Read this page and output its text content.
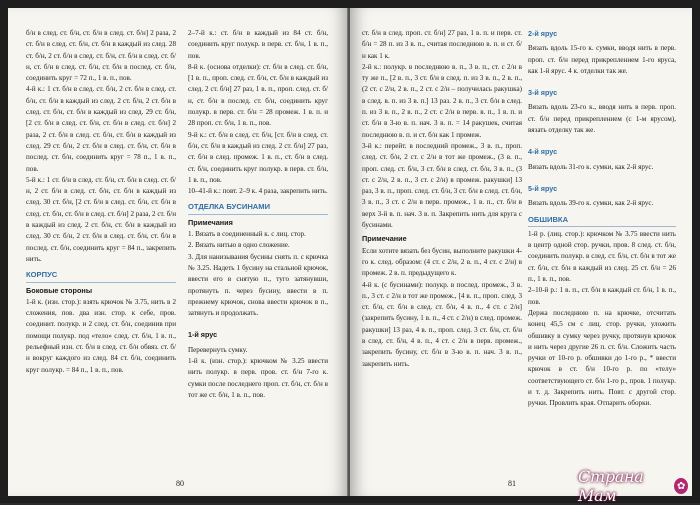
б/н в след. ст. б/н, ст. б/н в след. ст. б/н] 2 раза, 2 ст. б/н в след. ст. б/н, ст. б/н в каждый из след. 28 ст. б/н, 2 ст. б/н в след. ст. б/н, ст. б/н в след. ст. б/н, ст. б/н в след. ст. б/н, ст. б/н в послед. ст. б/н, соединить круг = 72 п., 1 в. п., пов.

4-й к.: 1 ст. б/н в след. ст. б/н, 2 ст. б/н в след. ст. б/н, ст. б/н в каждый из след. 2 ст. б/н, 2 ст. б/н в след. ст. б/н, ст. б/н в каждый из след. 29 ст. б/н, [2 ст. б/н в след. ст. б/н, ст. б/н в след. ст. б/н] 2 раза, 2 ст. б/н в след. ст. б/н, ст. б/н в каждый из след. 29 ст. б/н, 2 ст. б/н в след. ст. б/н, ст. б/н в послед. ст. б/н, соединить круг = 78 п., 1 в. п., пов.

5-й к.: 1 ст. б/н в след. ст. б/н, ст. б/н в след. ст. б/н, 2 ст. б/н в след. ст. б/н, ст. б/н в каждый из след. 30 ст. б/н, [2 ст. б/н в след. ст. б/н, ст. б/н в след. ст. б/н, ст. б/н в след. ст. б/н] 2 раза, 2 ст. б/н в каждый из след. 2 ст. б/н, ст. б/н в каждый из след. 30 ст. б/н, 2 ст. б/н в след. ст. б/н, ст. б/н в послед. ст. б/н, соединить круг = 84 п., закрепить нить.

КОРПУС
Боковые стороны

1-й к. (изн. стор.): взять крючок № 3.75, нить в 2 сложения, пов. два изн. стор. к себе, пров. соединит. полукр. и 2 след. ст. б/н, соединив при помощи полукр. под «тело» след. ст. б/н, 1 в. п., рельефный изн. ст. б/н в след. ст. б/н обвяз. ст. б/н вокруг каждого из след. 84 ст. б/н, соединить круг полукр. = 84 п., 1 в. п., пов.

2–7-й к.: ст. б/н в каждый из 84 ст. б/н, соединить круг полукр. в перв. ст. б/н, 1 в. п., пов.

8-й к. (основа отделки): ст. б/н в след. ст. б/н, [1 в. п., проп. след. ст. б/н, ст. б/н в каждый из след. 2 ст. б/н] 27 раз, 1 в. п., проп. след. ст. б/н, ст. б/н в послед. ст. б/н, соединить круг полукр. в перв. ст. б/н = 28 промеж. 1 в. п. и 28 проп. ст. б/н, 1 в. п., пов.

9-й к.: ст. б/н в след. ст. б/н, [ст. б/н в след. ст. б/н, ст. б/н в каждый из след. 2 ст. б/н] 27 раз, ст. б/н в след. промеж. 1 в. п., ст. б/н в след. ст. б/н, соединить круг полукр. в перв. ст. б/н, 1 в. п., пов.

10–41-й к.: повт. 2–9 к. 4 раза, закрепить нить.

ОТДЕЛКА БУСИНАМИ
Примечания

1. Вязать в соединенный к. с лиц. стор.

2. Вязать нитью в одно сложение.

3. Для нанизывания бусины снять п. с крючка № 3.25. Надеть 1 бусину на стальной крючок, ввести его в снятую п., туго затянувши, протянуть п. через бусину, ввести в п. прежнему крючок, снова ввести крючок в п., затянуть и продолжать.

1-й ярус

Перевернуть сумку.

1-й к. (изн. стор.): крючком № 3.25 ввести нить полукр. в перв. пров. ст. б/н 7-го к. сумки после последнего проп. ст. б/н, ст. б/н в тот же ст. б/н, 1 в. п., пов.

80

ст. б/н в след. проп. ст. б/н] 27 раз, 1 в. п. и перв. ст. б/н = 28 п. из 3 в. п., считая последнюю в. п. и ст. б/н как 1 к.

2-й к.: полукр. в последнюю в. п., 3 в. п., ст. с 2/н в ту же п., [2 в. п., 3 ст. б/н в след. п. из 3 в. п., 2 в. п., (2 ст. с 2/н, 2 в. п., 2 ст. с 2/н – получилась ракушка) в след. в. п. из 3 в. п.] 13 раз. 2 в. п., 3 ст. б/н в след. п. из 3 в. п., 2 в. п., 2 ст. с 2/н в перв. в. п., 1 в. п. и ст. б/н в 3-ю в. п. нач. 3 в. п. = 14 ракушек, считая последнюю в. п. и ст. б/н как 1 промеж.

3-й к.: перейт. в последний промеж., 3 в. п., проп. след. ст. б/н, 2 ст. с 2/н в тот же промеж., (3 в. п., проп. след. ст. б/н, 3 ст. б/н в след. ст. б/н, 3 в. п., (3 ст. с 2/н, 2 в. п., 3 ст. с 2/н) в промеж. ракушки] 13 раз, 3 в. п., проп. след. ст. б/н, 3 ст. б/н в след. ст. б/н, 3 в. п., 3 ст. с 2/н в перв. промеж., 1 в. п., ст. б/н в верх 3-й в. п. нач. 3 в. п. Закрепить нить для круга с бусинами.

Примечание

Если хотите вязать без бусин, выполните ракушки 4-го к. след. образом: (4 ст. с 2/н, 2 в. п., 4 ст. с 2/н) в промеж. 2 в. п. предыдущего к.

4-й к. (с бусинами): полукр. в послед. промеж., 3 в. п., 3 ст. с 2/н в тот же промеж., [4 в. п., проп. след. 3 ст. б/н, ст. б/н в след. ст. б/н, 4 в. п., 4 ст. с 2/н] (закрепить бусину, 1 в. п., 4 ст. с 2/н) в след. промеж. ракушки] 13 раз, 4 в. п., проп. след. 3 ст. б/н, ст. б/н в след. ст. б/н, 4 в. п., 4 ст. с 2/н в перв. промеж., закрепить бусину, ст. б/н в 3-ю в. п. нач. 3 в. п., закрепить нить.

2-й ярус

Вязать вдоль 15-го к. сумки, вводя нить в перв. проп. ст. б/н перед прикреплением 1-го яруса, как 1-й ярус. 4 к. отделки так же.

3-й ярус

Вязать вдоль 23-го к., вводя нить в перв. проп. ст. б/н перед прикреплением (с 1-м ярусом), вязать отделку так же.

4-й ярус

Вязать вдоль 31-го к. сумки, как 2-й ярус.

5-й ярус

Вязать вдоль 39-го к. сумки, как 2-й ярус.

ОБШИВКА

1-й р. (лиц. стор.): крючком № 3.75 ввести нить в центр одной стор. ручки, пров. 8 след. ст. б/н, соединить полукр. в след. ст. б/н, ст. б/н в тот же ст. б/н, ст. б/н в каждый из след. 25 ст. б/н = 26 п., 1 в. п., пов.

2–10-й р.: 1 в. п., ст. б/н в каждый ст. б/н, 1 в. п., пов.

Держа последнюю п. на крючке, отсчитать конец 45,5 см с лиц. стор. ручки, уложить обшивку в сумку через ручку, протянув крючок и нить через другие 26 п. ст. б/н. Сложить часть ручки от 10-го р. обшивки до 1-го р., * ввести крючок в ст. б/н 10-го р. по «телу» соответствующего ст. б/н 1-го р., пров. 1 полукр. и т. д. Закрепить нить. Повт. с другой стор. ручки. Провлить края. Отпарить оборки.

81	Страна Мам	✿
